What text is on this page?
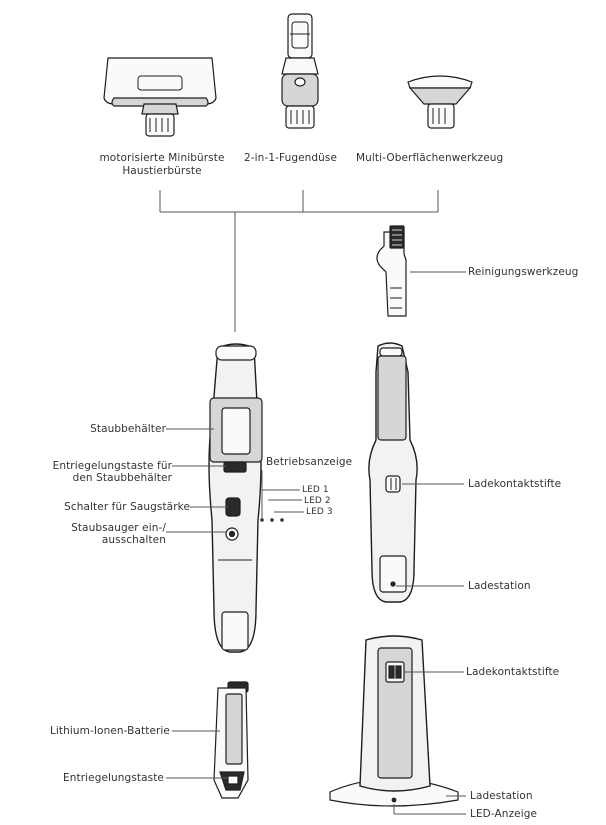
motorisierte Minibürste
Haustierbürste
2-in-1-Fugendüse Multi-Oberflächenwerkzeug
Reinigungswerkzeug
Staubbehälter
Entriegelungstaste für
den Staubbehälter
Schalter für Saugstärke
Staubsauger ein-/
ausschalten
Betriebsanzeige
LED 1
LED 2
LED 3
Ladekontaktstifte
Ladestation
Lithium-Ionen-Batterie
Entriegelungstaste
Ladekontaktstifte
Ladestation
LED-Anzeige
